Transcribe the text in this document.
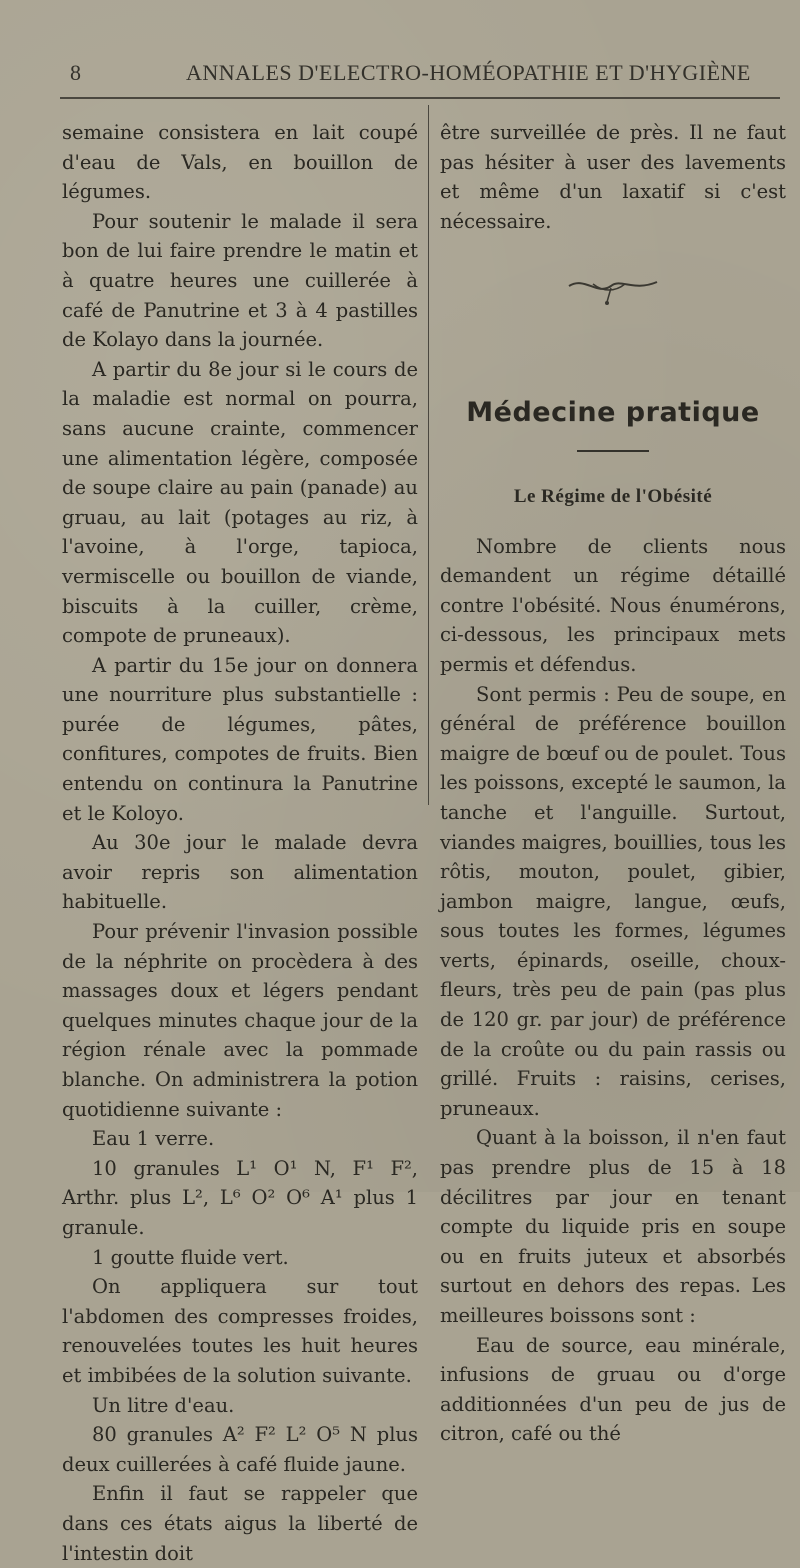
8	ANNALES D'ELECTRO-HOMÉOPATHIE ET D'HYGIÈNE

semaine consistera en lait coupé d'eau de Vals, en bouillon de légumes.

Pour soutenir le malade il sera bon de lui faire prendre le matin et à quatre heures une cuillerée à café de Panutrine et 3 à 4 pastilles de Kolayo dans la journée.

A partir du 8e jour si le cours de la maladie est normal on pourra, sans aucune crainte, commencer une alimentation légère, composée de soupe claire au pain (panade) au gruau, au lait (potages au riz, à l'avoine, à l'orge, tapioca, vermiscelle ou bouillon de viande, biscuits à la cuiller, crème, compote de pruneaux).

A partir du 15e jour on donnera une nourriture plus substantielle : purée de légumes, pâtes, confitures, compotes de fruits. Bien entendu on continura la Panutrine et le Koloyo.

Au 30e jour le malade devra avoir repris son alimentation habituelle.

Pour prévenir l'invasion possible de la néphrite on procèdera à des massages doux et légers pendant quelques minutes chaque jour de la région rénale avec la pommade blanche. On administrera la potion quotidienne suivante :

Eau 1 verre.

10 granules L¹ O¹ N, F¹ F², Arthr. plus L², L⁶ O² O⁶ A¹ plus 1 granule.

1 goutte fluide vert.

On appliquera sur tout l'abdomen des compresses froides, renouvelées toutes les huit heures et imbibées de la solution suivante.

Un litre d'eau.

80 granules A² F² L² O⁵ N plus deux cuillerées à café fluide jaune.

Enfin il faut se rappeler que dans ces états aigus la liberté de l'intestin doit

être surveillée de près. Il ne faut pas hésiter à user des lavements et même d'un laxatif si c'est nécessaire.

Médecine pratique
Le Régime de l'Obésité

Nombre de clients nous demandent un régime détaillé contre l'obésité. Nous énumérons, ci-dessous, les principaux mets permis et défendus.

Sont permis : Peu de soupe, en général de préférence bouillon maigre de bœuf ou de poulet. Tous les poissons, excepté le saumon, la tanche et l'anguille. Surtout, viandes maigres, bouillies, tous les rôtis, mouton, poulet, gibier, jambon maigre, langue, œufs, sous toutes les formes, légumes verts, épinards, oseille, choux-fleurs, très peu de pain (pas plus de 120 gr. par jour) de préférence de la croûte ou du pain rassis ou grillé. Fruits : raisins, cerises, pruneaux.

Quant à la boisson, il n'en faut pas prendre plus de 15 à 18 décilitres par jour en tenant compte du liquide pris en soupe ou en fruits juteux et absorbés surtout en dehors des repas. Les meilleures boissons sont :

Eau de source, eau minérale, infusions de gruau ou d'orge additionnées d'un peu de jus de citron, café ou thé
